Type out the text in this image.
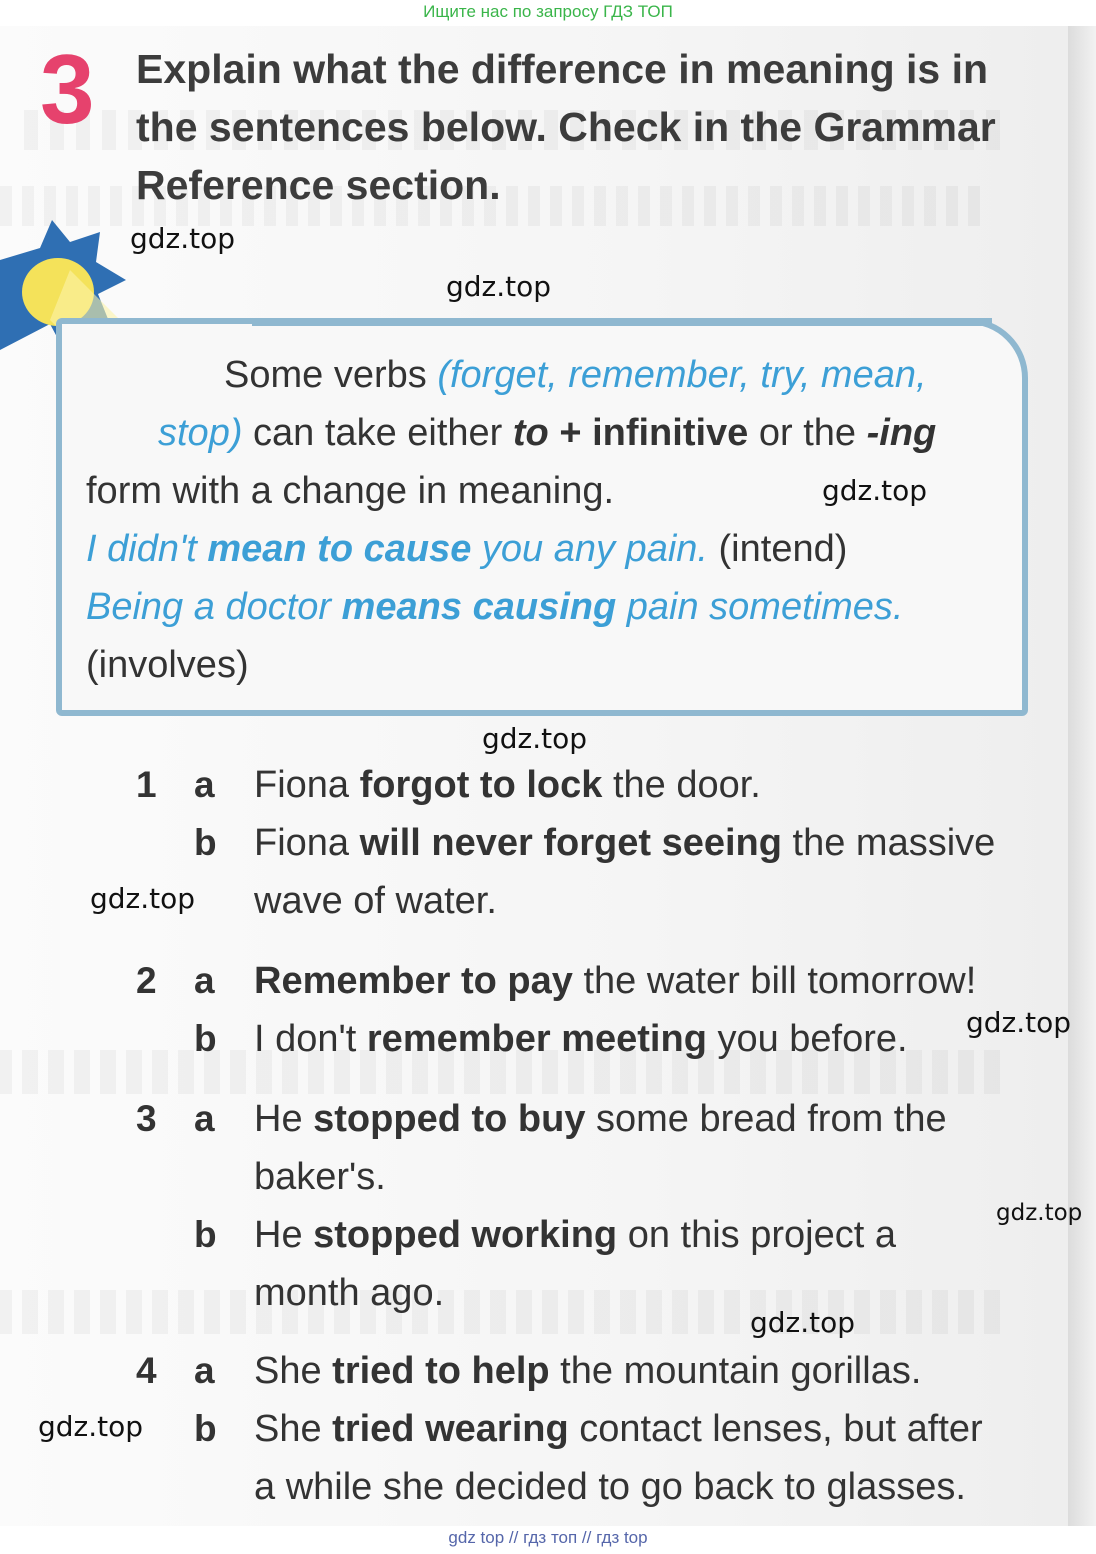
Ищите нас по запросу ГДЗ ТОП
3 Explain what the difference in meaning is in the sentences below. Check in the Grammar Reference section.
Some verbs (forget, remember, try, mean,
stop) can take either to + infinitive or the -ing
form with a change in meaning.
I didn't mean to cause you any pain. (intend)
Being a doctor means causing pain sometimes.
(involves)
1 a Fiona forgot to lock the door.
b Fiona will never forget seeing the massive
wave of water.
2 a Remember to pay the water bill tomorrow!
b I don't remember meeting you before.
3 a He stopped to buy some bread from the
baker's.
b He stopped working on this project a
month ago.
4 a She tried to help the mountain gorillas.
b She tried wearing contact lenses, but after
a while she decided to go back to glasses.
gdz.top
gdz.top
gdz.top
gdz.top
gdz.top
gdz.top
gdz.top
gdz.top
gdz.top
gdz top // гдз топ // гдз top
